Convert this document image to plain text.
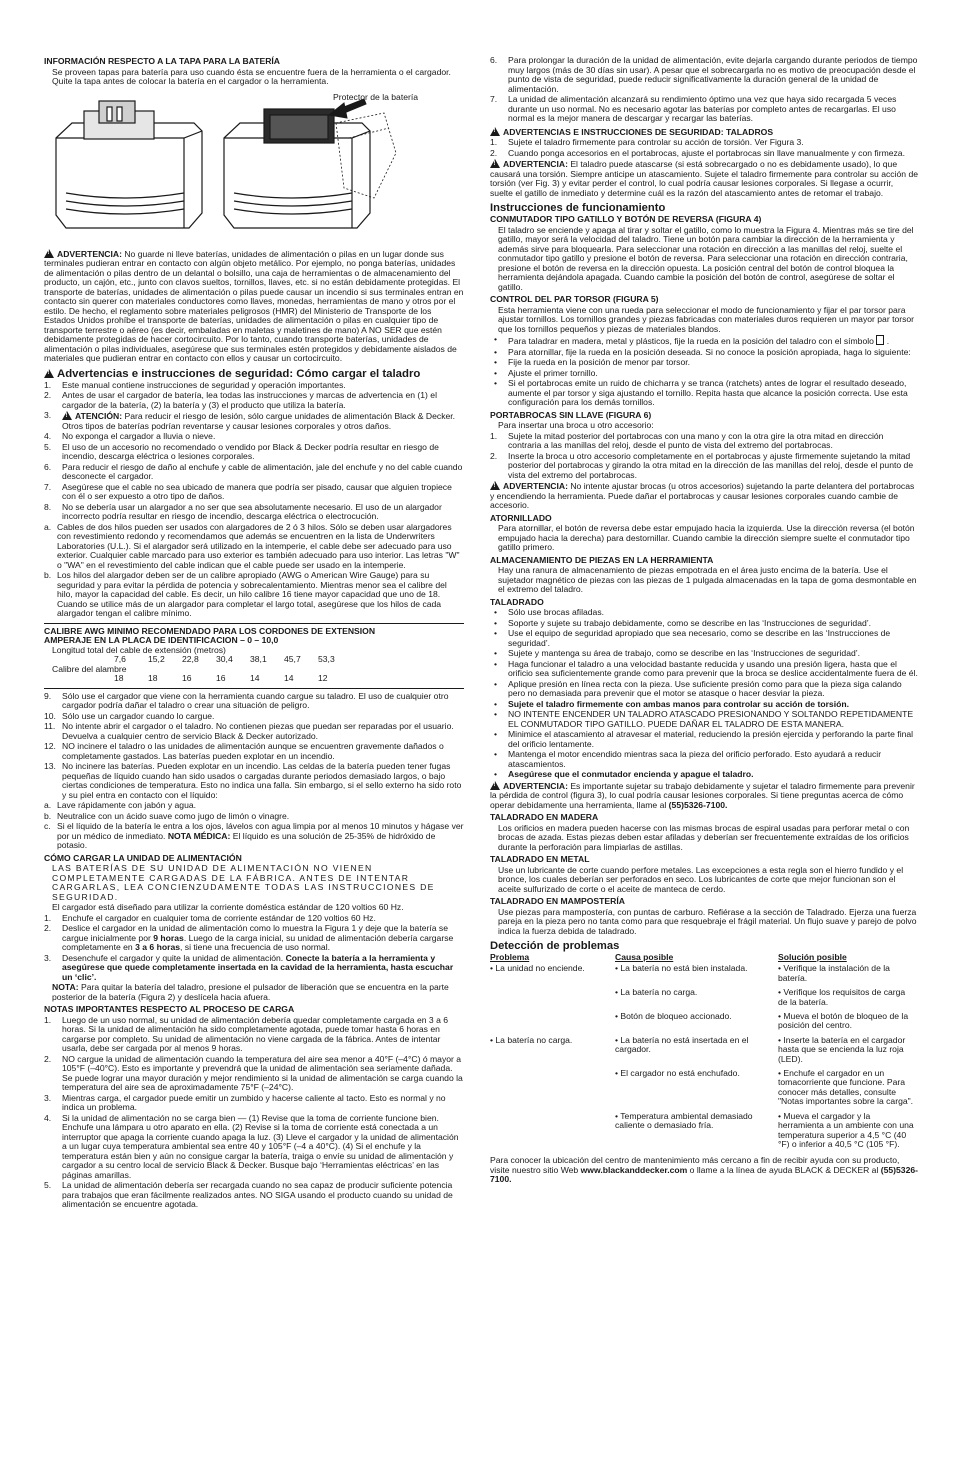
INFORMACIÓN RESPECTO A LA TAPA PARA LA BATERÍA

Se proveen tapas para batería para uso cuando ésta se encuentre fuera de la herramienta o el cargador. Quite la tapa antes de colocar la batería en el cargador o la herramienta.

Protector de la batería

!ADVERTENCIA: No guarde ni lleve baterías, unidades de alimentación o pilas en un lugar donde sus terminales pudieran entrar en contacto con algún objeto metálico. Por ejemplo, no ponga baterías, unidades de alimentación o pilas dentro de un delantal o bolsillo, una caja de herramientas o de almacenamiento del producto, un cajón, etc., junto con clavos sueltos, tornillos, llaves, etc. si no están debidamente protegidas. El transporte de baterías, unidades de alimentación o pilas puede causar un incendio si sus terminales entran en contacto sin querer con materiales conductores como llaves, monedas, herramientas de mano y otros por el estilo. De hecho, el reglamento sobre materiales peligrosos (HMR) del Ministerio de Transporte de los Estados Unidos prohíbe el transporte de baterías, unidades de alimentación o pilas en cualquier tipo de transporte terrestre o aéreo (es decir, embaladas en maletas y maletines de mano) A NO SER que estén debidamente protegidas de hacer cortocircuito. Por lo tanto, cuando transporte baterías, unidades de alimentación o pilas individuales, asegúrese que sus terminales estén protegidos y debidamente aislados de materiales que pudieran entrar en contacto con ellos y causar un cortocircuito.

!Advertencias e instrucciones de seguridad: Cómo cargar el taladro
1.	Este manual contiene instrucciones de seguridad y operación importantes.
2.	Antes de usar el cargador de batería, lea todas las instrucciones y marcas de advertencia en (1) el cargador de la batería, (2) la batería y (3) el producto que utiliza la batería.
3. !	ATENCIÓN: Para reducir el riesgo de lesión, sólo cargue unidades de alimentación Black & Decker. Otros tipos de baterías podrían reventarse y causar lesiones corporales y otros daños.
4.	No exponga el cargador a lluvia o nieve.
5.	El uso de un accesorio no recomendado o vendido por Black & Decker podría resultar en riesgo de incendio, descarga eléctrica o lesiones corporales.
6.	Para reducir el riesgo de daño al enchufe y cable de alimentación, jale del enchufe y no del cable cuando desconecte el cargador.
7.	Asegúrese que el cable no sea ubicado de manera que podría ser pisado, causar que alguien tropiece con él o ser expuesto a otro tipo de daños.
8.	No se debería usar un alargador a no ser que sea absolutamente necesario. El uso de un alargador incorrecto podría resultar en riesgo de incendio, descarga eléctrica o electrocución.
a. Cables de dos hilos pueden ser usados con alargadores de 2 ó 3 hilos. Sólo se deben usar alargadores con revestimiento redondo y recomendamos que además se encuentren en la lista de Underwriters Laboratories (U.L.). Si el alargador será utilizado en la intemperie, el cable debe ser adecuado para uso exterior. Cualquier cable marcado para uso exterior es también adecuado para uso interior. Las letras "W" o "WA" en el revestimiento del cable indican que el cable puede ser usado en la intemperie.
b. Los hilos del alargador deben ser de un calibre apropiado (AWG o American Wire Gauge) para su seguridad y para evitar la pérdida de potencia y sobrecalentamiento. Mientras menor sea el calibre del hilo, mayor la capacidad del cable. Es decir, un hilo calibre 16 tiene mayor capacidad que uno de 18. Cuando se utilice más de un alargador para completar el largo total, asegúrese que los hilos de cada alargador tengan el calibre mínimo.
CALIBRE AWG MINIMO RECOMENDADO PARA LOS CORDONES DE EXTENSION
AMPERAJE EN LA PLACA DE IDENTIFICACION – 0 – 10,0
Longitud total del cable de extensión (metros)
	7,6	15,2	22,8	30,4	38,1	45,7	53,3	
Calibre del alambre
	18	18	16	16	14	14	12	
9.	Sólo use el cargador que viene con la herramienta cuando cargue su taladro. El uso de cualquier otro cargador podría dañar el taladro o crear una situación de peligro.
10. Sólo use un cargador cuando lo cargue.
11. No intente abrir el cargador o el taladro. No contienen piezas que puedan ser reparadas por el usuario. Devuelva a cualquier centro de servicio Black & Decker autorizado.
12. NO incinere el taladro o las unidades de alimentación aunque se encuentren gravemente dañados o completamente gastados. Las baterías pueden explotar en un incendio.
13. No incinere las baterías. Pueden explotar en un incendio. Las celdas de la batería pueden tener fugas pequeñas de líquido cuando han sido usados o cargadas durante periodos demasiado largos, o bajo ciertas condiciones de temperatura. Esto no indica una falla. Sin embargo, si el sello externo ha sido roto y su piel entra en contacto con el líquido:
a. Lave rápidamente con jabón y agua.
b. Neutralice con un ácido suave como jugo de limón o vinagre.
c. Si el líquido de la batería le entra a los ojos, lávelos con agua limpia por al menos 10 minutos y hágase ver por un médico de inmediato. NOTA MÉDICA: El líquido es una solución de 25-35% de hidróxido de potasio.
CÓMO CARGAR LA UNIDAD DE ALIMENTACIÓN

LAS BATERÍAS DE SU UNIDAD DE ALIMENTACIÓN NO VIENEN COMPLETAMENTE CARGADAS DE LA FÁBRICA. ANTES DE INTENTAR CARGARLAS, LEA CONCIENZUDAMENTE TODAS LAS INSTRUCCIONES DE SEGURIDAD.

El cargador está diseñado para utilizar la corriente doméstica estándar de 120 voltios 60 Hz.

1.	Enchufe el cargador en cualquier toma de corriente estándar de 120 voltios 60 Hz.
2.	Deslice el cargador en la unidad de alimentación como lo muestra la Figura 1 y deje que la batería se cargue inicialmente por 9 horas. Luego de la carga inicial, su unidad de alimentación debería cargarse completamente en 3 a 6 horas, si tiene una frecuencia de uso normal.
3.	Desenchufe el cargador y quite la unidad de alimentación. Conecte la batería a la herramienta y asegúrese que quede completamente insertada en la cavidad de la herramienta, hasta escuchar un ‘clic’.

NOTA: Para quitar la batería del taladro, presione el pulsador de liberación que se encuentra en la parte posterior de la batería (Figura 2) y deslícela hacia afuera.

NOTAS IMPORTANTES RESPECTO AL PROCESO DE CARGA
1.	Luego de un uso normal, su unidad de alimentación debería quedar completamente cargada en 3 a 6 horas. Si la unidad de alimentación ha sido completamente agotada, puede tomar hasta 6 horas en cargarse por completo. Su unidad de alimentación no viene cargada de la fábrica. Antes de intentar usarla, debe ser cargada por al menos 9 horas.
2.	NO cargue la unidad de alimentación cuando la temperatura del aire sea menor a 40°F (–4°C) ó mayor a 105°F (–40°C). Esto es importante y prevendrá que la unidad de alimentación sea seriamente dañada. Se puede lograr una mayor duración y mejor rendimiento si la unidad de alimentación se carga cuando la temperatura del aire sea de aproximadamente 75°F (–24°C).
3.	Mientras carga, el cargador puede emitir un zumbido y hacerse caliente al tacto. Esto es normal y no indica un problema.
4.	Si la unidad de alimentación no se carga bien — (1) Revise que la toma de corriente funcione bien. Enchufe una lámpara u otro aparato en ella. (2) Revise si la toma de corriente está conectada a un interruptor que apaga la corriente cuando apaga la luz. (3) Lleve el cargador y la unidad de alimentación a un lugar cuya temperatura ambiental sea entre 40 y 105°F (–4 a 40°C). (4) Si el enchufe y la temperatura están bien y aún no consigue cargar la batería, traiga o envíe su unidad de alimentación y cargador a su centro local de servicio Black & Decker. Busque bajo ‘Herramientas eléctricas’ en las páginas amarillas.
5.	La unidad de alimentación debería ser recargada cuando no sea capaz de producir suficiente potencia para trabajos que eran fácilmente realizados antes. NO SIGA usando el producto cuando su unidad de alimentación se encuentre agotada.
6.	Para prolongar la duración de la unidad de alimentación, evite dejarla cargando durante periodos de tiempo muy largos (más de 30 días sin usar). A pesar que el sobrecargarla no es motivo de preocupación desde el punto de vista de seguridad, puede reducir significativamente la duración general de la unidad de alimentación.
7.	La unidad de alimentación alcanzará su rendimiento óptimo una vez que haya sido recargada 5 veces durante un uso normal. No es necesario agotar las baterías por completo antes de recargarlas. El uso normal es la mejor manera de descargar y recargar las baterías.
!ADVERTENCIAS E INSTRUCCIONES DE SEGURIDAD: TALADROS
1.	Sujete el taladro firmemente para controlar su acción de torsión. Ver Figura 3.
2.	Cuando ponga accesorios en el portabrocas, ajuste el portabrocas sin llave manualmente y con firmeza.

!ADVERTENCIA: El taladro puede atascarse (si está sobrecargado o no es debidamente usado), lo que causará una torsión. Siempre anticipe un atascamiento. Sujete el taladro firmemente para controlar su acción de torsión (ver Fig. 3) y evitar perder el control, lo cual podría causar lesiones corporales. Si llegase a ocurrir, suelte el gatillo de inmediato y determine cuál es la razón del atascamiento antes de retomar el trabajo.

Instrucciones de funcionamiento
CONMUTADOR TIPO GATILLO Y BOTÓN DE REVERSA (FIGURA 4)

El taladro se enciende y apaga al tirar y soltar el gatillo, como lo muestra la Figura 4. Mientras más se tire del gatillo, mayor será la velocidad del taladro. Tiene un botón para cambiar la dirección de la herramienta y además sirve para bloquearla. Para seleccionar una rotación en dirección a las manillas del reloj, suelte el conmutador tipo gatillo y presione el botón de reversa. Para seleccionar una rotación en dirección contraria, presione el botón de reversa en la dirección opuesta. La posición central del botón de control bloquea la herramienta dejándola apagada. Cuando cambie la posición del botón de control, asegúrese de soltar el gatillo.

CONTROL DEL PAR TORSOR (FIGURA 5)

Esta herramienta viene con una rueda para seleccionar el modo de funcionamiento y fijar el par torsor para ajustar tornillos. Los tornillos grandes y piezas fabricadas con materiales duros requieren un mayor par torsor que los tornillos pequeños y piezas de materiales blandos.

•	Para taladrar en madera, metal y plásticos, fije la rueda en la posición del taladro con el símbolo  .
•	Para atornillar, fije la rueda en la posición deseada. Si no conoce la posición apropiada, haga lo siguiente:
•	Fije la rueda en la posición de menor par torsor.
•	Ajuste el primer tornillo.
•	Si el portabrocas emite un ruido de chicharra y se tranca (ratchets) antes de lograr el resultado deseado, aumente el par torsor y siga ajustando el tornillo. Repita hasta que alcance la posición correcta. Use esta configuración para los demás tornillos.
PORTABROCAS SIN LLAVE (FIGURA 6)

Para insertar una broca u otro accesorio:

1.	Sujete la mitad posterior del portabrocas con una mano y con la otra gire la otra mitad en dirección contraria a las manillas del reloj, desde el punto de vista del extremo del portabrocas.
2.	Inserte la broca u otro accesorio completamente en el portabrocas y ajuste firmemente sujetando la mitad posterior del portabrocas y girando la otra mitad en la dirección de las manillas del reloj, desde el punto de vista del extremo del portabrocas.

!ADVERTENCIA: No intente ajustar brocas (u otros accesorios) sujetando la parte delantera del portabrocas y encendiendo la herramienta. Puede dañar el portabrocas y causar lesiones corporales cuando cambie de accesorio.

ATORNILLADO

Para atornillar, el botón de reversa debe estar empujado hacia la izquierda. Use la dirección reversa (el botón empujado hacia la derecha) para destornillar. Cuando cambie la dirección siempre suelte el conmutador tipo gatillo primero.

ALMACENAMIENTO DE PIEZAS EN LA HERRAMIENTA

Hay una ranura de almacenamiento de piezas empotrada en el área justo encima de la batería. Use el sujetador magnético de piezas con las piezas de 1 pulgada almacenadas en la tapa de goma desmontable en el extremo del taladro.

TALADRADO
•	Sólo use brocas afiladas.
•	Soporte y sujete su trabajo debidamente, como se describe en las ‘Instrucciones de seguridad’.
•	Use el equipo de seguridad apropiado que sea necesario, como se describe en las ‘Instrucciones de seguridad’.
•	Sujete y mantenga su área de trabajo, como se describe en las ‘Instrucciones de seguridad’.
•	Haga funcionar el taladro a una velocidad bastante reducida y usando una presión ligera, hasta que el orificio sea suficientemente grande como para prevenir que la broca se deslice accidentalmente fuera de él.
•	Aplique presión en línea recta con la pieza. Use suficiente presión como para que la pieza siga calando pero no demasiada para prevenir que el motor se atasque o hacer desviar la pieza.
•	Sujete el taladro firmemente con ambas manos para controlar su acción de torsión.
•	NO INTENTE ENCENDER UN TALADRO ATASCADO PRESIONANDO Y SOLTANDO REPETIDAMENTE EL CONMUTADOR TIPO GATILLO. PUEDE DAÑAR EL TALADRO DE ESTA MANERA.
•	Minimice el atascamiento al atravesar el material, reduciendo la presión ejercida y perforando la parte final del orificio lentamente.
•	Mantenga el motor encendido mientras saca la pieza del orificio perforado. Esto ayudará a reducir atascamientos.
•	Asegúrese que el conmutador encienda y apague el taladro.

!ADVERTENCIA: Es importante sujetar su trabajo debidamente y sujetar el taladro firmemente para prevenir la pérdida de control (figura 3), lo cual podría causar lesiones corporales. Si tiene preguntas acerca de cómo operar debidamente una herramienta, llame al (55)5326-7100.

TALADRADO EN MADERA

Los orificios en madera pueden hacerse con las mismas brocas de espiral usadas para perforar metal o con brocas de azada. Estas piezas deben estar afiladas y deberían ser frecuentemente extraídas de los orificios durante la perforación para limpiarlas de astillas.

TALADRADO EN METAL

Use un lubricante de corte cuando perfore metales. Las excepciones a esta regla son el hierro fundido y el bronce, los cuales deberían ser perforados en seco. Los lubricantes de corte que mejor funcionan son el aceite sulfurizado de corte o el aceite de manteca de cerdo.

TALADRADO EN MAMPOSTERÍA

Use piezas para mampostería, con puntas de carburo. Refiérase a la sección de Taladrado. Ejerza una fuerza pareja en la pieza pero no tanta como para que resquebraje el frágil material. Un flujo suave y parejo de polvo indica la fuerza debida de taladrado.

Detección de problemas
Problema	Causa posible	Solución posible
• La unidad no enciende.	• La batería no está bien instalada.	• Verifique la instalación de la batería.
	• La batería no carga.	• Verifique los requisitos de carga de la batería.
	• Botón de bloqueo accionado.	• Mueva el botón de bloqueo de la posición del centro.
• La batería no carga.	• La batería no está insertada en el cargador.	• Inserte la batería en el cargador hasta que se encienda la luz roja (LED).
	• El cargador no está enchufado.	• Enchufe el cargador en un tomacorriente que funcione. Para conocer más detalles, consulte "Notas importantes sobre la carga".
	• Temperatura ambiental demasiado caliente o demasiado fría.	• Mueva el cargador y la herramienta a un ambiente con una temperatura superior a 4,5 °C (40 °F) o inferior a 40,5 °C (105 °F).

Para conocer la ubicación del centro de mantenimiento más cercano a fin de recibir ayuda con su producto, visite nuestro sitio Web www.blackanddecker.com o llame a la línea de ayuda BLACK & DECKER al (55)5326-7100.
